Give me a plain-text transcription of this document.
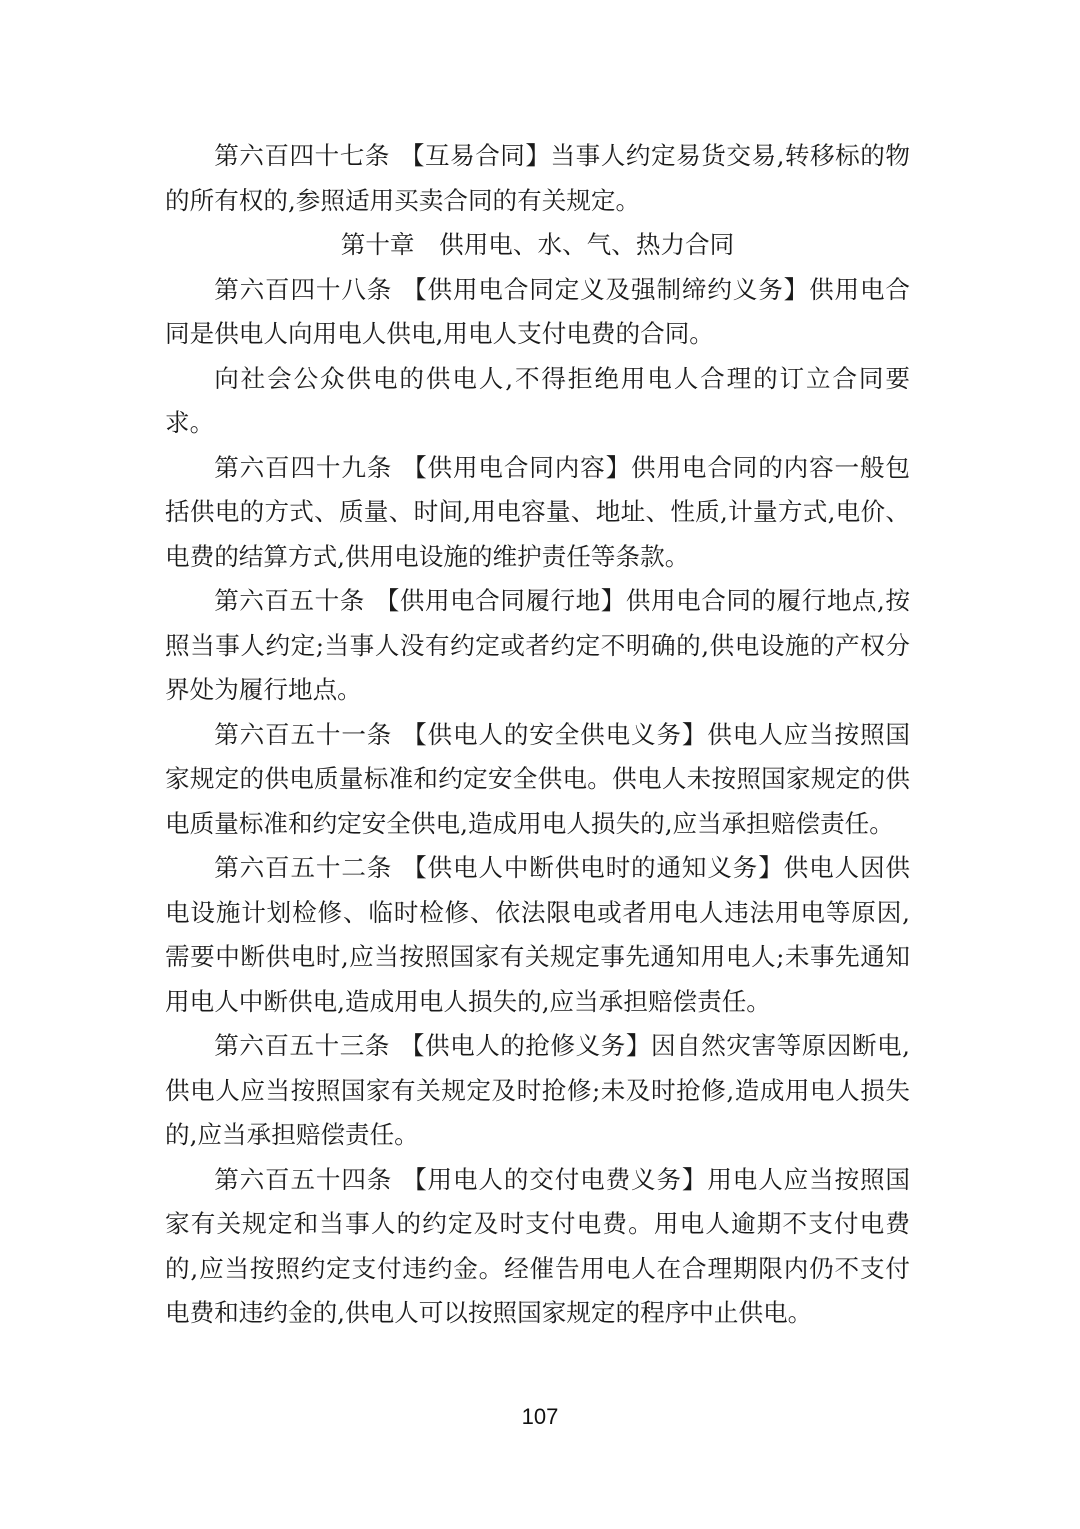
第六百四十七条 【互易合同】当事人约定易货交易,转移标的物的所有权的,参照适用买卖合同的有关规定。

第十章　供用电、水、气、热力合同

第六百四十八条 【供用电合同定义及强制缔约义务】供用电合同是供电人向用电人供电,用电人支付电费的合同。

向社会公众供电的供电人,不得拒绝用电人合理的订立合同要求。

第六百四十九条 【供用电合同内容】供用电合同的内容一般包括供电的方式、质量、时间,用电容量、地址、性质,计量方式,电价、电费的结算方式,供用电设施的维护责任等条款。

第六百五十条 【供用电合同履行地】供用电合同的履行地点,按照当事人约定;当事人没有约定或者约定不明确的,供电设施的产权分界处为履行地点。

第六百五十一条 【供电人的安全供电义务】供电人应当按照国家规定的供电质量标准和约定安全供电。供电人未按照国家规定的供电质量标准和约定安全供电,造成用电人损失的,应当承担赔偿责任。

第六百五十二条 【供电人中断供电时的通知义务】供电人因供电设施计划检修、临时检修、依法限电或者用电人违法用电等原因,需要中断供电时,应当按照国家有关规定事先通知用电人;未事先通知用电人中断供电,造成用电人损失的,应当承担赔偿责任。

第六百五十三条 【供电人的抢修义务】因自然灾害等原因断电,供电人应当按照国家有关规定及时抢修;未及时抢修,造成用电人损失的,应当承担赔偿责任。

第六百五十四条 【用电人的交付电费义务】用电人应当按照国家有关规定和当事人的约定及时支付电费。用电人逾期不支付电费的,应当按照约定支付违约金。经催告用电人在合理期限内仍不支付电费和违约金的,供电人可以按照国家规定的程序中止供电。

107
